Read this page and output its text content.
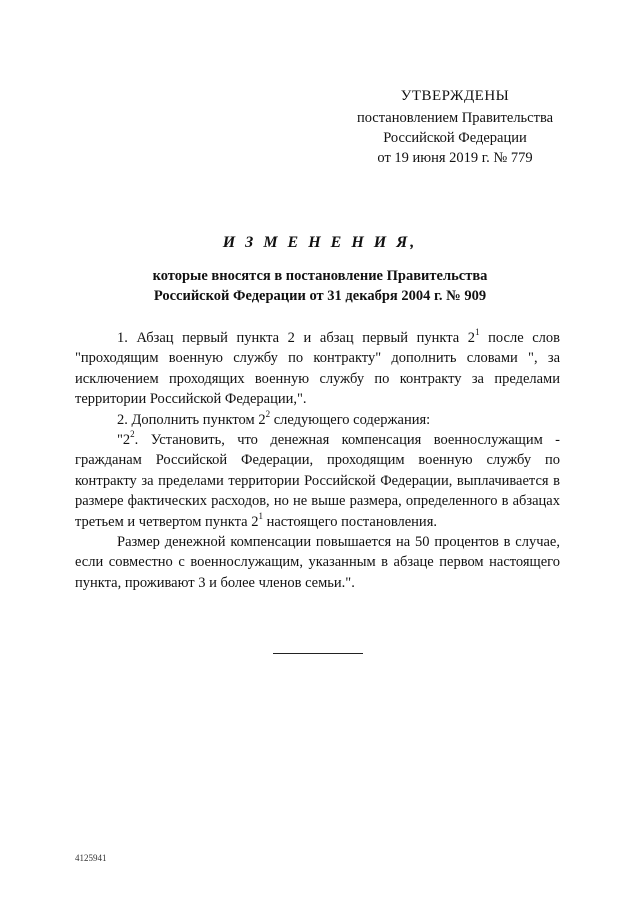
УТВЕРЖДЕНЫ
постановлением Правительства
Российской Федерации
от 19 июня 2019 г. № 779
И З М Е Н Е Н И Я,
которые вносятся в постановление Правительства
Российской Федерации от 31 декабря 2004 г. № 909

1. Абзац первый пункта 2 и абзац первый пункта $2^1$ после слов "проходящим военную службу по контракту" дополнить словами ", за исключением проходящих военную службу по контракту за пределами территории Российской Федерации,".

2. Дополнить пунктом $2^2$ следующего содержания:

"$2^2$. Установить, что денежная компенсация военнослужащим - гражданам Российской Федерации, проходящим военную службу по контракту за пределами территории Российской Федерации, выплачивается в размере фактических расходов, но не выше размера, определенного в абзацах третьем и четвертом пункта $2^1$ настоящего постановления.

Размер денежной компенсации повышается на 50 процентов в случае, если совместно с военнослужащим, указанным в абзаце первом настоящего пункта, проживают 3 и более членов семьи.".

4125941
